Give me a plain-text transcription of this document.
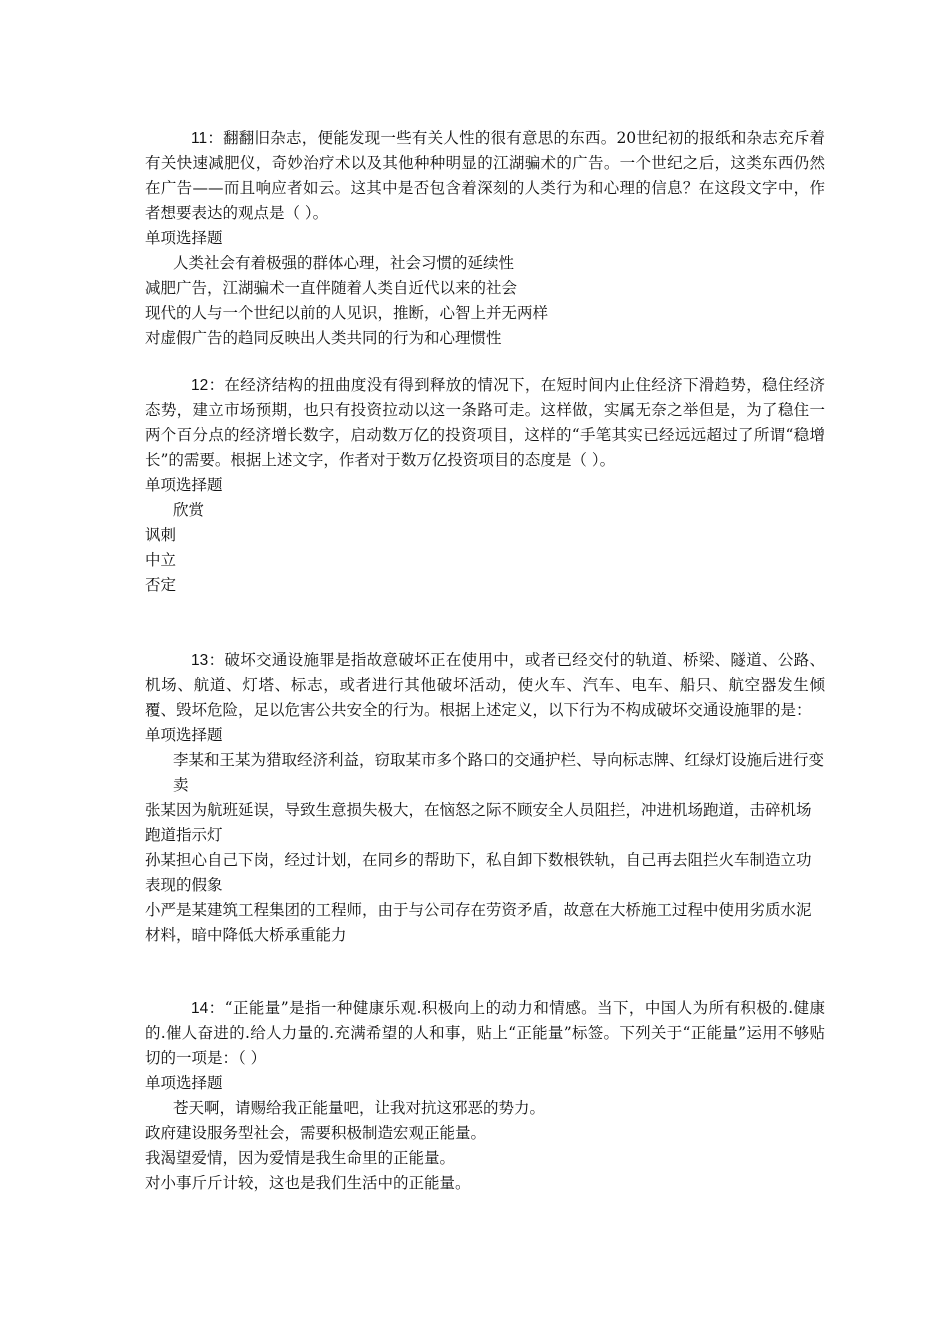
11：翻翻旧杂志，便能发现一些有关人性的很有意思的东西。20世纪初的报纸和杂志充斥着有关快速减肥仪，奇妙治疗术以及其他种种明显的江湖骗术的广告。一个世纪之后，这类东西仍然在广告——而且响应者如云。这其中是否包含着深刻的人类行为和心理的信息？在这段文字中，作者想要表达的观点是（ ）。

单项选择题

人类社会有着极强的群体心理，社会习惯的延续性

减肥广告，江湖骗术一直伴随着人类自近代以来的社会

现代的人与一个世纪以前的人见识，推断，心智上并无两样

对虚假广告的趋同反映出人类共同的行为和心理惯性

12：在经济结构的扭曲度没有得到释放的情况下，在短时间内止住经济下滑趋势，稳住经济态势，建立市场预期，也只有投资拉动以这一条路可走。这样做，实属无奈之举但是，为了稳住一两个百分点的经济增长数字，启动数万亿的投资项目，这样的“手笔其实已经远远超过了所谓“稳增长”的需要。根据上述文字，作者对于数万亿投资项目的态度是（ ）。

单项选择题

欣赏

讽刺

中立

否定

13：破坏交通设施罪是指故意破坏正在使用中，或者已经交付的轨道、桥梁、隧道、公路、机场、航道、灯塔、标志，或者进行其他破坏活动，使火车、汽车、电车、船只、航空器发生倾覆、毁坏危险，足以危害公共安全的行为。根据上述定义，以下行为不构成破坏交通设施罪的是：

单项选择题

李某和王某为猎取经济利益，窃取某市多个路口的交通护栏、导向标志牌、红绿灯设施后进行变卖

张某因为航班延误，导致生意损失极大，在恼怒之际不顾安全人员阻拦，冲进机场跑道，击碎机场跑道指示灯

孙某担心自己下岗，经过计划，在同乡的帮助下，私自卸下数根铁轨，自己再去阻拦火车制造立功表现的假象

小严是某建筑工程集团的工程师，由于与公司存在劳资矛盾，故意在大桥施工过程中使用劣质水泥材料，暗中降低大桥承重能力

14：“正能量”是指一种健康乐观.积极向上的动力和情感。当下，中国人为所有积极的.健康的.催人奋进的.给人力量的.充满希望的人和事，贴上“正能量”标签。下列关于“正能量”运用不够贴切的一项是：（ ）

单项选择题

苍天啊，请赐给我正能量吧，让我对抗这邪恶的势力。

政府建设服务型社会，需要积极制造宏观正能量。

我渴望爱情，因为爱情是我生命里的正能量。

对小事斤斤计较，这也是我们生活中的正能量。
